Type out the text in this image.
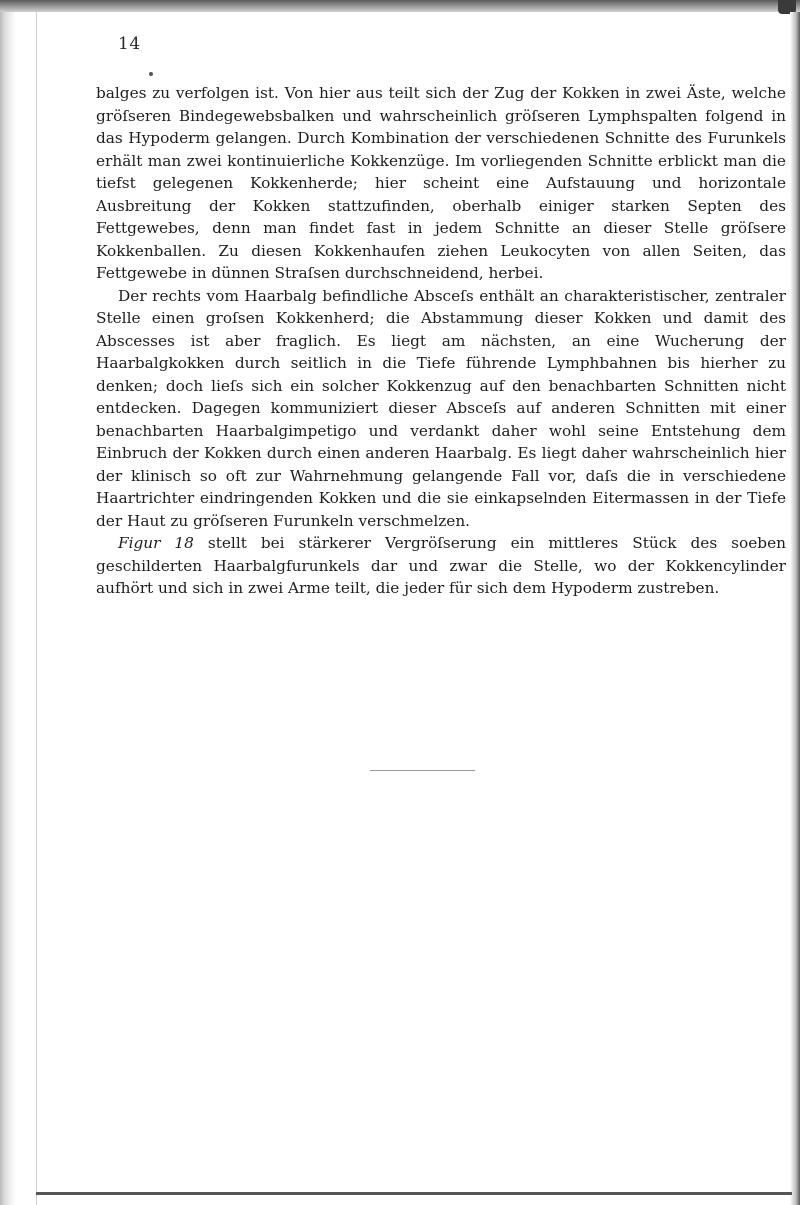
14

balges zu verfolgen ist. Von hier aus teilt sich der Zug der Kokken in zwei Äste, welche gröſseren Bindegewebsbalken und wahrscheinlich gröſseren Lymphspalten folgend in das Hypoderm gelangen. Durch Kombination der verschiedenen Schnitte des Furunkels erhält man zwei kontinuierliche Kokkenzüge. Im vorliegenden Schnitte erblickt man die tiefst gelegenen Kokkenherde; hier scheint eine Aufstauung und horizontale Ausbreitung der Kokken stattzufinden, oberhalb einiger starken Septen des Fettgewebes, denn man findet fast in jedem Schnitte an dieser Stelle gröſsere Kokkenballen. Zu diesen Kokkenhaufen ziehen Leukocyten von allen Seiten, das Fettgewebe in dünnen Straſsen durchschneidend, herbei.

Der rechts vom Haarbalg befindliche Absceſs enthält an charakteristischer, zentraler Stelle einen groſsen Kokkenherd; die Abstammung dieser Kokken und damit des Abscesses ist aber fraglich. Es liegt am nächsten, an eine Wucherung der Haarbalgkokken durch seitlich in die Tiefe führende Lymphbahnen bis hierher zu denken; doch lieſs sich ein solcher Kokkenzug auf den benachbarten Schnitten nicht entdecken. Dagegen kommuniziert dieser Absceſs auf anderen Schnitten mit einer benachbarten Haarbalgimpetigo und verdankt daher wohl seine Entstehung dem Einbruch der Kokken durch einen anderen Haarbalg. Es liegt daher wahrscheinlich hier der klinisch so oft zur Wahrnehmung gelangende Fall vor, daſs die in verschiedene Haartrichter eindringenden Kokken und die sie einkapselnden Eitermassen in der Tiefe der Haut zu gröſseren Furunkeln verschmelzen.

Figur 18 stellt bei stärkerer Vergröſserung ein mittleres Stück des soeben geschilderten Haarbalgfurunkels dar und zwar die Stelle, wo der Kokkencylinder aufhört und sich in zwei Arme teilt, die jeder für sich dem Hypoderm zustreben.
